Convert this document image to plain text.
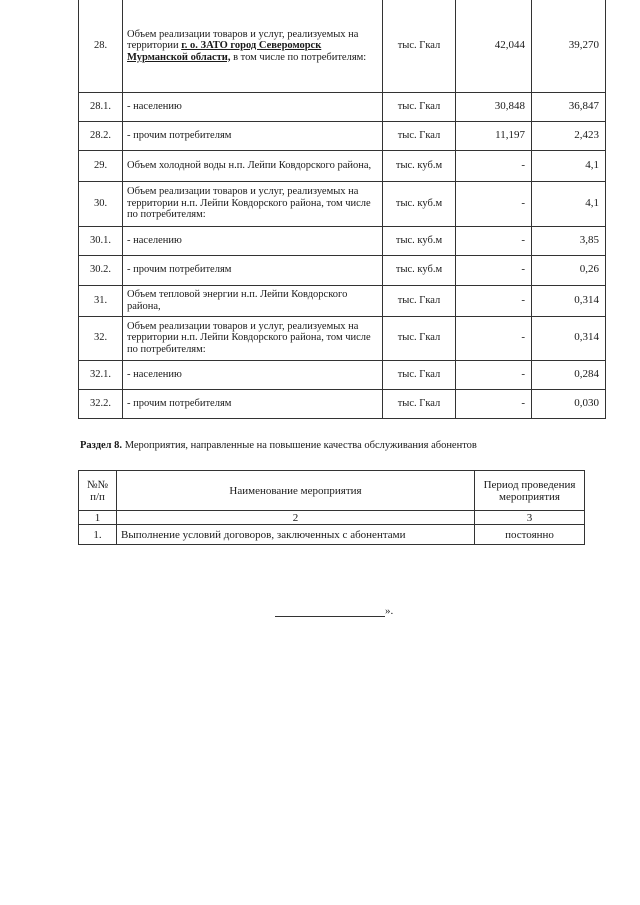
28.	Объем реализации товаров и услуг, реализуемых на территории г. о. ЗАТО город Североморск Мурманской области, в том числе по потребителям:	тыс. Гкал	42,044	39,270
28.1.	- населению	тыс. Гкал	30,848	36,847
28.2.	- прочим потребителям	тыс. Гкал	11,197	2,423
29.	Объем холодной воды н.п. Лейпи Ковдорского района,	тыс. куб.м	-	4,1
30.	Объем реализации товаров и услуг, реализуемых на территории н.п. Лейпи Ковдорского района, том числе по потребителям:	тыс. куб.м	-	4,1
30.1.	- населению	тыс. куб.м	-	3,85
30.2.	- прочим потребителям	тыс. куб.м	-	0,26
31.	Объем тепловой энергии н.п. Лейпи Ковдорского района,	тыс. Гкал	-	0,314
32.	Объем реализации товаров и услуг, реализуемых на территории н.п. Лейпи Ковдорского района, том числе по потребителям:	тыс. Гкал	-	0,314
32.1.	- населению	тыс. Гкал	-	0,284
32.2.	- прочим потребителям	тыс. Гкал	-	0,030
Раздел 8. Мероприятия, направленные на повышение качества обслуживания абонентов
№№ п/п	Наименование мероприятия	Период проведения мероприятия
1	2	3
1.	Выполнение условий договоров, заключенных с абонентами	постоянно
».
